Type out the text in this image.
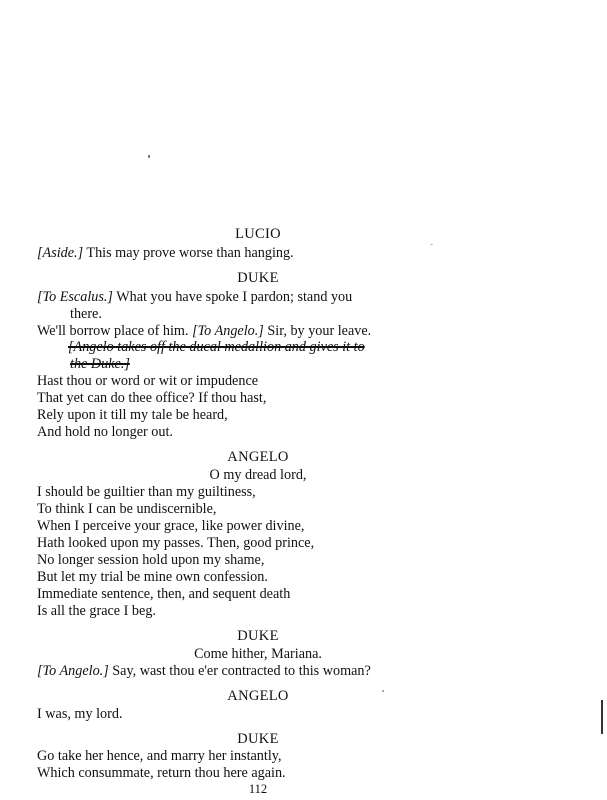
LUCIO
[Aside.] This may prove worse than hanging.
DUKE
[To Escalus.] What you have spoke I pardon; stand you
there.
We'll borrow place of him. [To Angelo.] Sir, by your leave.
[Angelo takes off the ducal medallion and gives it to
the Duke.]
Hast thou or word or wit or impudence
That yet can do thee office? If thou hast,
Rely upon it till my tale be heard,
And hold no longer out.
ANGELO
O my dread lord,
I should be guiltier than my guiltiness,
To think I can be undiscernible,
When I perceive your grace, like power divine,
Hath looked upon my passes. Then, good prince,
No longer session hold upon my shame,
But let my trial be mine own confession.
Immediate sentence, then, and sequent death
Is all the grace I beg.
DUKE
Come hither, Mariana.
[To Angelo.] Say, wast thou e'er contracted to this woman?
ANGELO
I was, my lord.
DUKE
Go take her hence, and marry her instantly,
Which consummate, return thou here again.
112
